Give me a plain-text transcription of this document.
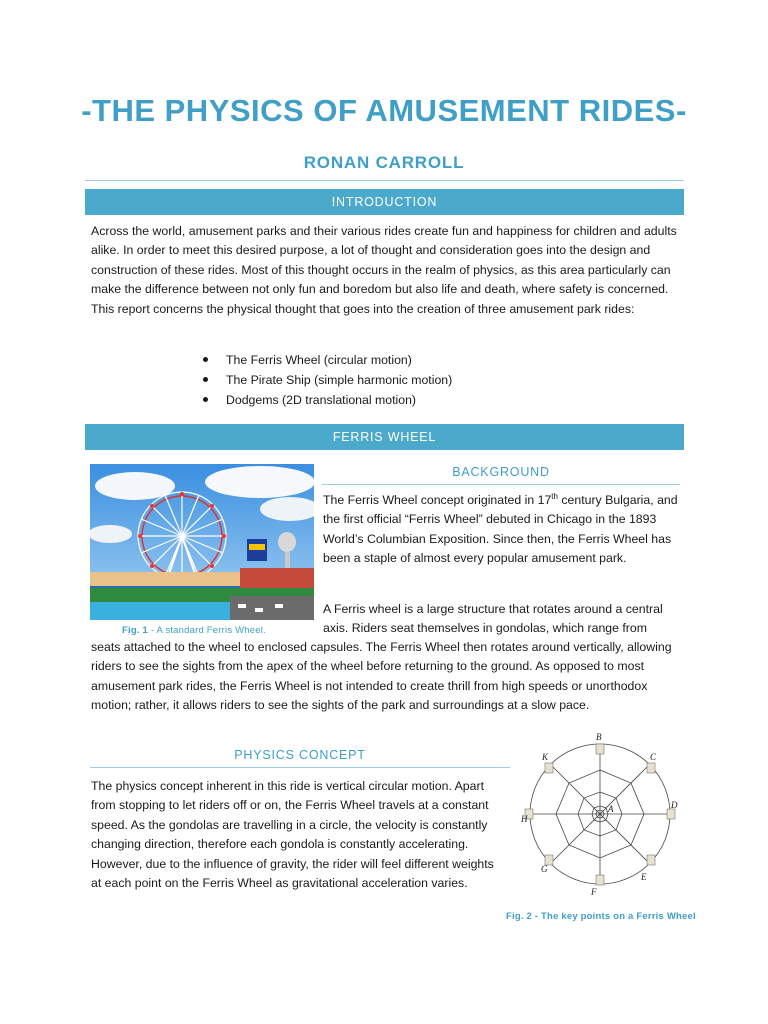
-THE PHYSICS OF AMUSEMENT RIDES-
RONAN CARROLL
INTRODUCTION

Across the world, amusement parks and their various rides create fun and happiness for children and adults alike. In order to meet this desired purpose, a lot of thought and consideration goes into the design and construction of these rides. Most of this thought occurs in the realm of physics, as this area particularly can make the difference between not only fun and boredom but also life and death, where safety is concerned. This report concerns the physical thought that goes into the creation of three amusement park rides:

The Ferris Wheel (circular motion)
The Pirate Ship (simple harmonic motion)
Dodgems (2D translational motion)
FERRIS WHEEL
Fig. 1 - A standard Ferris Wheel.
BACKGROUND

The Ferris Wheel concept originated in 17th century Bulgaria, and the first official “Ferris Wheel” debuted in Chicago in the 1893 World’s Columbian Exposition. Since then, the Ferris Wheel has been a staple of almost every popular amusement park.

A Ferris wheel is a large structure that rotates around a central axis. Riders seat themselves in gondolas, which range from
seats attached to the wheel to enclosed capsules. The Ferris Wheel then rotates around vertically, allowing riders to see the sights from the apex of the wheel before returning to the ground. As opposed to most amusement park rides, the Ferris Wheel is not intended to create thrill from high speeds or unorthodox motion; rather, it allows riders to see the sights of the park and surroundings at a slow pace.
PHYSICS CONCEPT
The physics concept inherent in this ride is vertical circular motion. Apart from stopping to let riders off or on, the Ferris Wheel travels at a constant speed. As the gondolas are travelling in a circle, the velocity is constantly changing direction, therefore each gondola is constantly accelerating. However, due to the influence of gravity, the rider will feel different weights at each point on the Ferris Wheel as gravitational acceleration varies.
A
B
C
D
E
F
G
H
K
Fig. 2 - The key points on a Ferris Wheel
